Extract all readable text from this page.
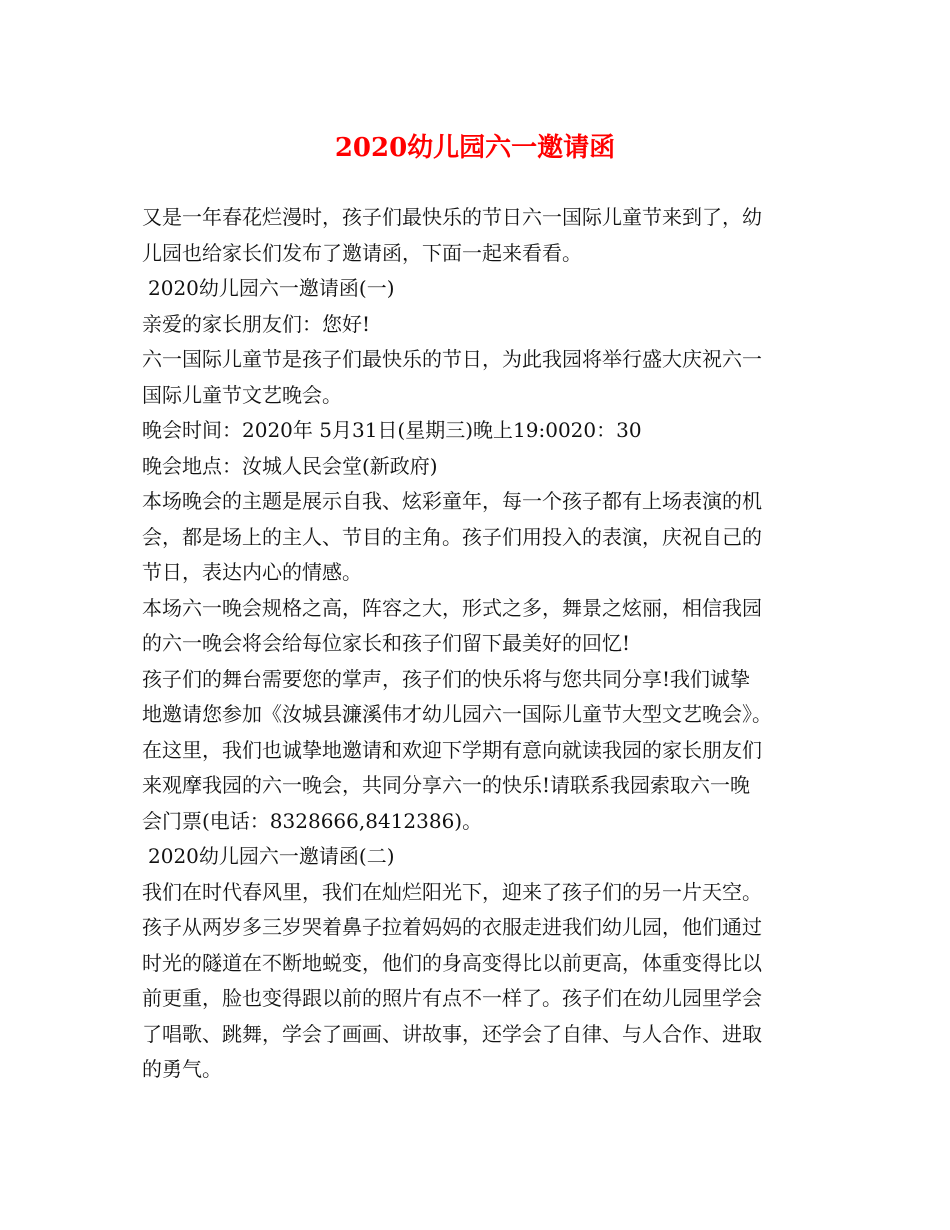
2020幼儿园六一邀请函
又是一年春花烂漫时，孩子们最快乐的节日六一国际儿童节来到了，幼
儿园也给家长们发布了邀请函，下面一起来看看。
2020幼儿园六一邀请函(一)
亲爱的家长朋友们：您好!
六一国际儿童节是孩子们最快乐的节日，为此我园将举行盛大庆祝六一
国际儿童节文艺晚会。
晚会时间：2020年 5月31日(星期三)晚上19:0020：30
晚会地点：汝城人民会堂(新政府)
本场晚会的主题是展示自我、炫彩童年，每一个孩子都有上场表演的机
会，都是场上的主人、节目的主角。孩子们用投入的表演，庆祝自己的
节日，表达内心的情感。
本场六一晚会规格之高，阵容之大，形式之多，舞景之炫丽，相信我园
的六一晚会将会给每位家长和孩子们留下最美好的回忆!
孩子们的舞台需要您的掌声，孩子们的快乐将与您共同分享!我们诚挚
地邀请您参加《汝城县濂溪伟才幼儿园六一国际儿童节大型文艺晚会》。
在这里，我们也诚挚地邀请和欢迎下学期有意向就读我园的家长朋友们
来观摩我园的六一晚会，共同分享六一的快乐!请联系我园索取六一晚
会门票(电话：8328666,8412386)。
2020幼儿园六一邀请函(二)
我们在时代春风里，我们在灿烂阳光下，迎来了孩子们的另一片天空。
孩子从两岁多三岁哭着鼻子拉着妈妈的衣服走进我们幼儿园，他们通过
时光的隧道在不断地蜕变，他们的身高变得比以前更高，体重变得比以
前更重，脸也变得跟以前的照片有点不一样了。孩子们在幼儿园里学会
了唱歌、跳舞，学会了画画、讲故事，还学会了自律、与人合作、进取
的勇气。
